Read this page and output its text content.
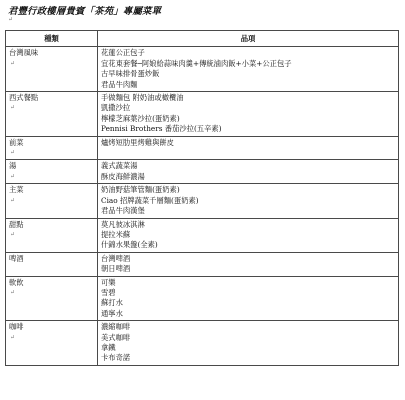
君豐行政樓層貴賓「茶苑」專屬菜單
↵
種類	品項

台灣風味
↵	花蓮公正包子
宜花東套餐─阿娘給蒜味肉羹+傳統滷肉飯+小菜+公正包子
古早味排骨蛋炒飯
君品牛肉麵

西式餐點
↵	手做麵包 附奶油或橄欖油
凱撒沙拉
檸檬芝麻葉沙拉(蛋奶素)
Pennisi Brothers 番茄沙拉(五辛素)

前菜
↵	爐烤短肋里烤雞與餅皮

湯
↵	義式蔬菜湯
酥皮海鮮濃湯

主菜
↵	奶油野菇筆管麵(蛋奶素)
Ciao 招牌蔬菜千層麵(蛋奶素)
君品牛肉漢堡

甜點
↵	莫凡彼冰淇淋
提拉米蘇
什錦水果盤(全素)

啤酒	台灣啤酒
朝日啤酒

軟飲
↵	可樂
雪碧
蘇打水
通寧水

咖啡
↵	濃縮咖啡
美式咖啡
拿鐵
卡布奇諾
